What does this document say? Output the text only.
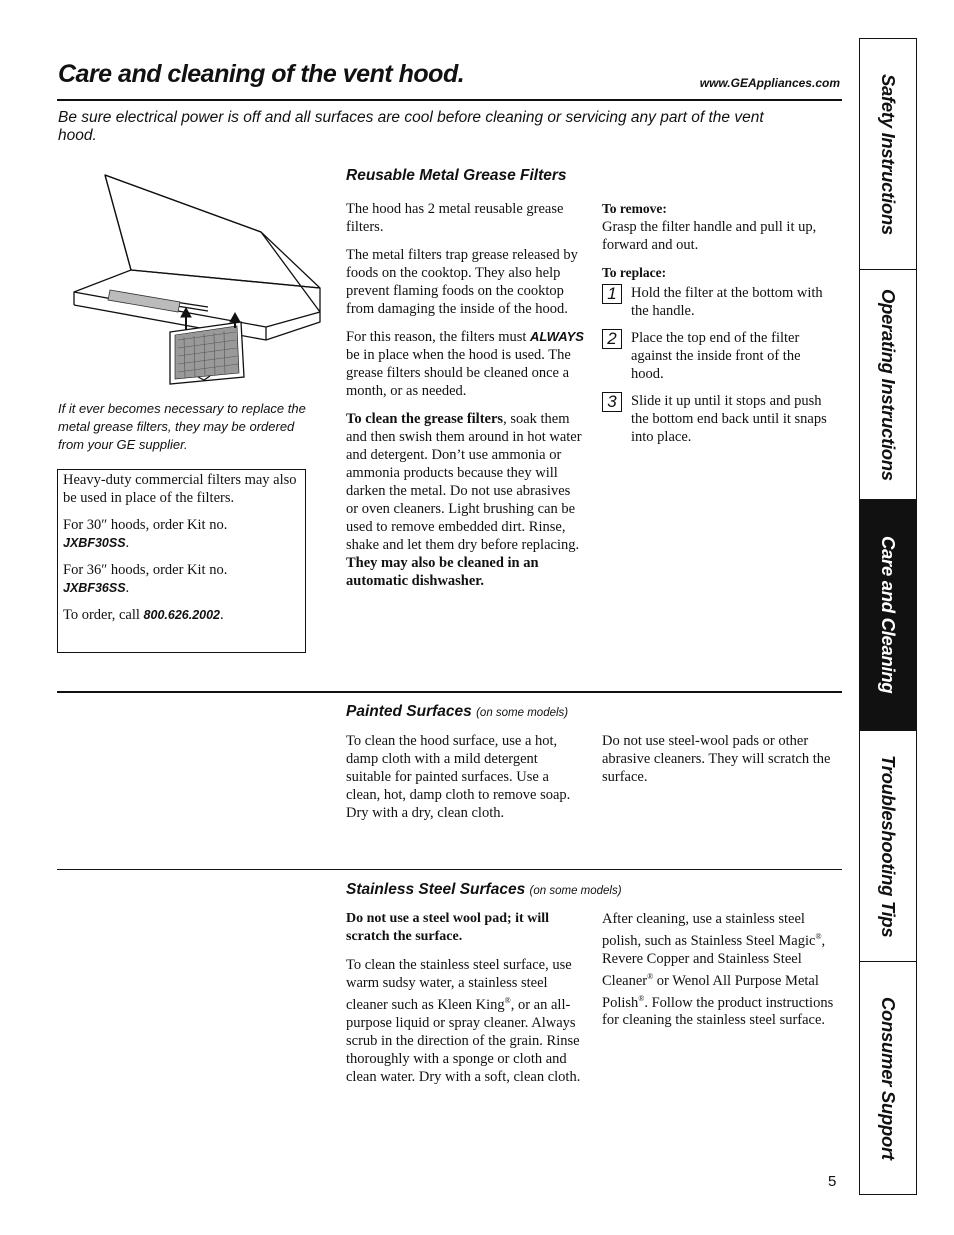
Care and cleaning of the vent hood.	www.GEAppliances.com
Be sure electrical power is off and all surfaces are cool before cleaning or servicing any part of the vent hood.
If it ever becomes necessary to replace the metal grease filters, they may be ordered from your GE supplier.

Heavy-duty commercial filters may also be used in place of the filters.

For 30″ hoods, order Kit no.
JXBF30SS.

For 36″ hoods, order Kit no.
JXBF36SS.

To order, call 800.626.2002.

Reusable Metal Grease Filters

The hood has 2 metal reusable grease filters.

The metal filters trap grease released by foods on the cooktop. They also help prevent flaming foods on the cooktop from damaging the inside of the hood.

For this reason, the filters must ALWAYS be in place when the hood is used. The grease filters should be cleaned once a month, or as needed.

To clean the grease filters, soak them and then swish them around in hot water and detergent. Don’t use ammonia or ammonia products because they will darken the metal. Do not use abrasives or oven cleaners. Light brushing can be used to remove embedded dirt. Rinse, shake and let them dry before replacing. They may also be cleaned in an automatic dishwasher.

To remove:

Grasp the filter handle and pull it up, forward and out.

To replace:
1 Hold the filter at the bottom with the handle.
2 Place the top end of the filter against the inside front of the hood.
3 Slide it up until it stops and push the bottom end back until it snaps into place.
Painted Surfaces (on some models)
To clean the hood surface, use a hot, damp cloth with a mild detergent suitable for painted surfaces. Use a clean, hot, damp cloth to remove soap. Dry with a dry, clean cloth.
Do not use steel-wool pads or other abrasive cleaners. They will scratch the surface.
Stainless Steel Surfaces (on some models)

Do not use a steel wool pad; it will scratch the surface.

To clean the stainless steel surface, use warm sudsy water, a stainless steel cleaner such as Kleen King®, or an all-purpose liquid or spray cleaner. Always scrub in the direction of the grain. Rinse thoroughly with a sponge or cloth and clean water. Dry with a soft, clean cloth.

After cleaning, use a stainless steel polish, such as Stainless Steel Magic®, Revere Copper and Stainless Steel Cleaner® or Wenol All Purpose Metal Polish®. Follow the product instructions for cleaning the stainless steel surface.
Safety Instructions
Operating Instructions
Care and Cleaning
Troubleshooting Tips
Consumer Support
5
